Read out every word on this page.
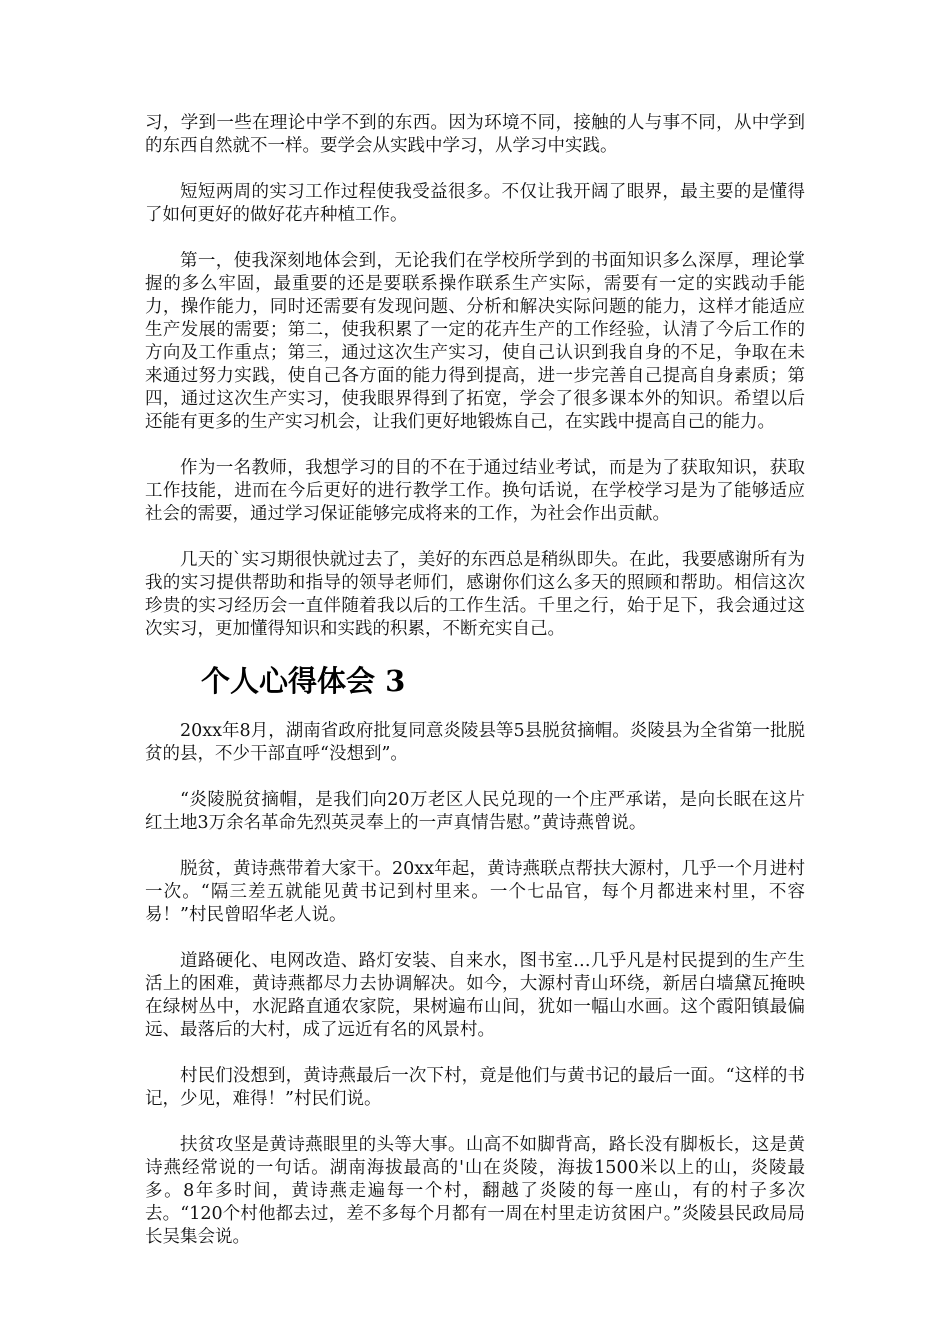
习，学到一些在理论中学不到的东西。因为环境不同，接触的人与事不同，从中学到的东西自然就不一样。要学会从实践中学习，从学习中实践。

短短两周的实习工作过程使我受益很多。不仅让我开阔了眼界，最主要的是懂得了如何更好的做好花卉种植工作。

第一，使我深刻地体会到，无论我们在学校所学到的书面知识多么深厚，理论掌握的多么牢固，最重要的还是要联系操作联系生产实际，需要有一定的实践动手能力，操作能力，同时还需要有发现问题、分析和解决实际问题的能力，这样才能适应生产发展的需要；第二，使我积累了一定的花卉生产的工作经验，认清了今后工作的方向及工作重点；第三，通过这次生产实习，使自己认识到我自身的不足，争取在未来通过努力实践，使自己各方面的能力得到提高，进一步完善自己提高自身素质；第四，通过这次生产实习，使我眼界得到了拓宽，学会了很多课本外的知识。希望以后还能有更多的生产实习机会，让我们更好地锻炼自己，在实践中提高自己的能力。

作为一名教师，我想学习的目的不在于通过结业考试，而是为了获取知识，获取工作技能，进而在今后更好的进行教学工作。换句话说，在学校学习是为了能够适应社会的需要，通过学习保证能够完成将来的工作，为社会作出贡献。

几天的`实习期很快就过去了，美好的东西总是稍纵即失。在此，我要感谢所有为我的实习提供帮助和指导的领导老师们，感谢你们这么多天的照顾和帮助。相信这次珍贵的实习经历会一直伴随着我以后的工作生活。千里之行，始于足下，我会通过这次实习，更加懂得知识和实践的积累，不断充实自己。

个人心得体会 3

20xx年8月，湖南省政府批复同意炎陵县等5县脱贫摘帽。炎陵县为全省第一批脱贫的县，不少干部直呼“没想到”。

“炎陵脱贫摘帽，是我们向20万老区人民兑现的一个庄严承诺，是向长眠在这片红土地3万余名革命先烈英灵奉上的一声真情告慰。”黄诗燕曾说。

脱贫，黄诗燕带着大家干。20xx年起，黄诗燕联点帮扶大源村，几乎一个月进村一次。“隔三差五就能见黄书记到村里来。一个七品官，每个月都进来村里，不容易！”村民曾昭华老人说。

道路硬化、电网改造、路灯安装、自来水，图书室…几乎凡是村民提到的生产生活上的困难，黄诗燕都尽力去协调解决。如今，大源村青山环绕，新居白墙黛瓦掩映在绿树丛中，水泥路直通农家院，果树遍布山间，犹如一幅山水画。这个霞阳镇最偏远、最落后的大村，成了远近有名的风景村。

村民们没想到，黄诗燕最后一次下村，竟是他们与黄书记的最后一面。“这样的书记，少见，难得！”村民们说。

扶贫攻坚是黄诗燕眼里的头等大事。山高不如脚背高，路长没有脚板长，这是黄诗燕经常说的一句话。湖南海拔最高的'山在炎陵，海拔1500米以上的山，炎陵最多。8年多时间，黄诗燕走遍每一个村，翻越了炎陵的每一座山，有的村子多次去。“120个村他都去过，差不多每个月都有一周在村里走访贫困户。”炎陵县民政局局长吴集会说。
